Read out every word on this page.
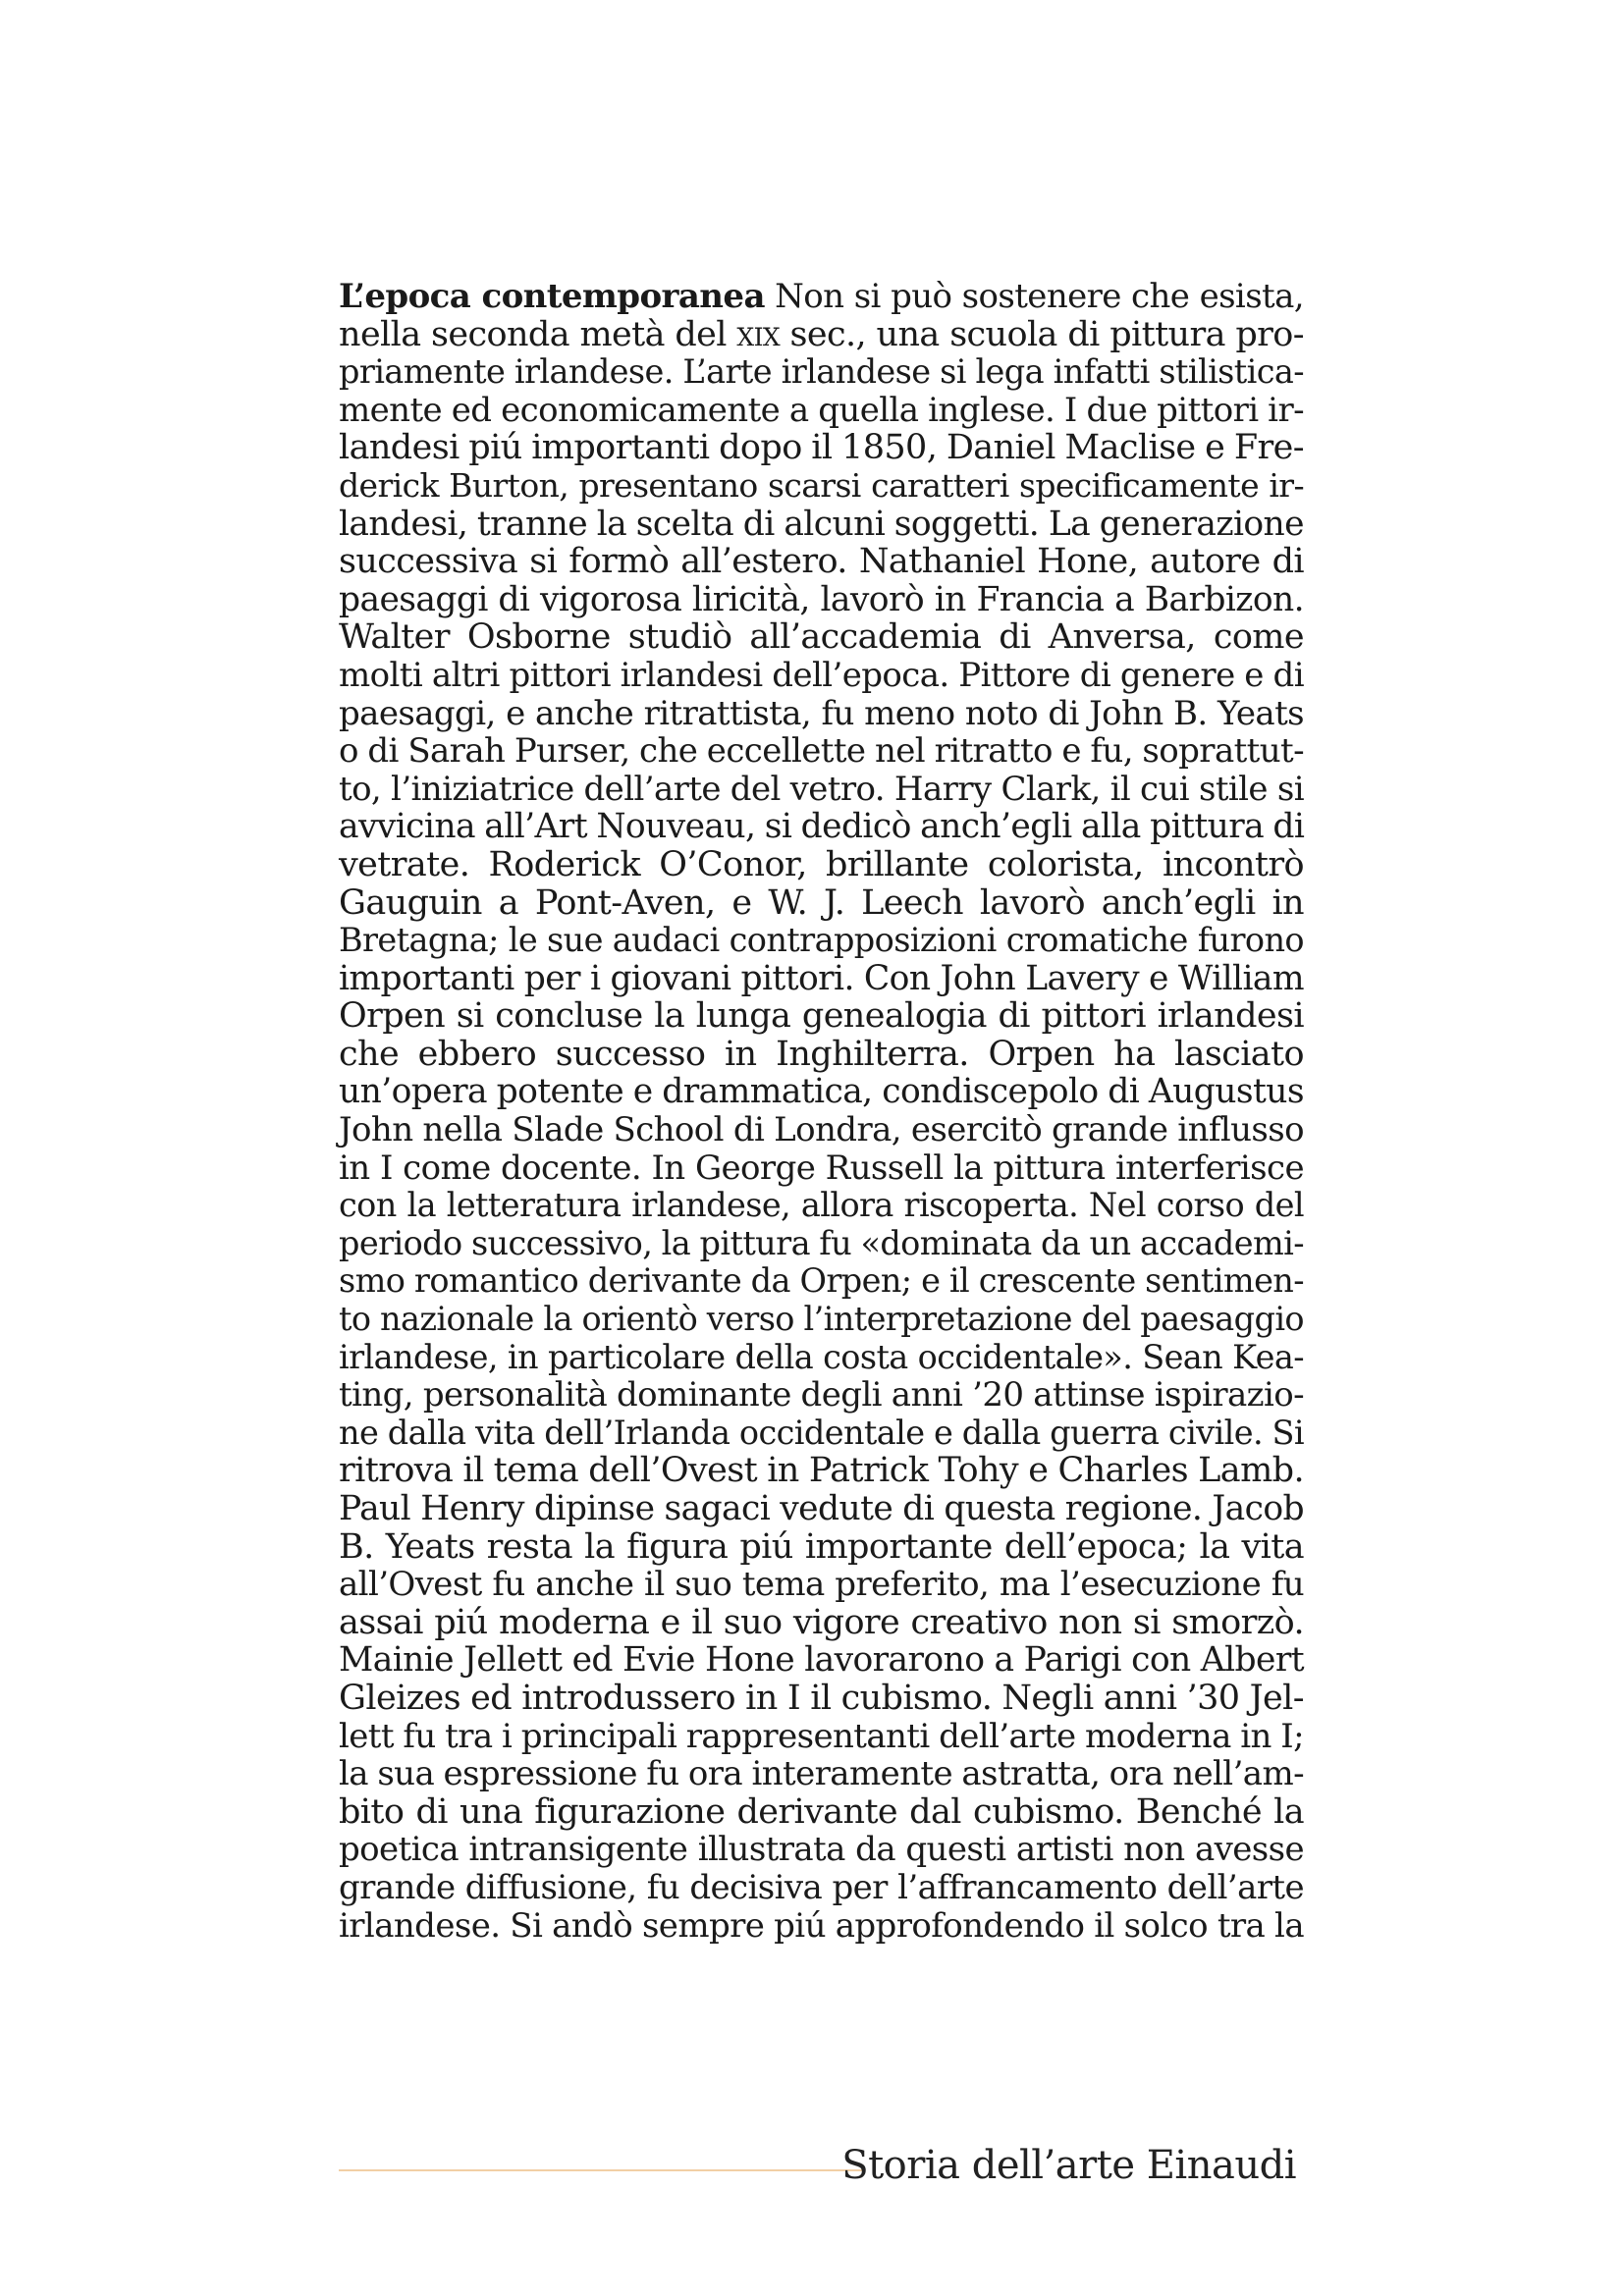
L’epoca contemporanea Non si può sostenere che esista,
nella seconda metà del xix sec., una scuola di pittura pro-
priamente irlandese. L’arte irlandese si lega infatti stilistica-
mente ed economicamente a quella inglese. I due pittori ir-
landesi piú importanti dopo il 1850, Daniel Maclise e Fre-
derick Burton, presentano scarsi caratteri specificamente ir-
landesi, tranne la scelta di alcuni soggetti. La generazione
successiva si formò all’estero. Nathaniel Hone, autore di
paesaggi di vigorosa liricità, lavorò in Francia a Barbizon.
Walter Osborne studiò all’accademia di Anversa, come
molti altri pittori irlandesi dell’epoca. Pittore di genere e di
paesaggi, e anche ritrattista, fu meno noto di John B. Yeats
o di Sarah Purser, che eccellette nel ritratto e fu, soprattut-
to, l’iniziatrice dell’arte del vetro. Harry Clark, il cui stile si
avvicina all’Art Nouveau, si dedicò anch’egli alla pittura di
vetrate. Roderick O’Conor, brillante colorista, incontrò
Gauguin a Pont-Aven, e W. J. Leech lavorò anch’egli in
Bretagna; le sue audaci contrapposizioni cromatiche furono
importanti per i giovani pittori. Con John Lavery e William
Orpen si concluse la lunga genealogia di pittori irlandesi
che ebbero successo in Inghilterra. Orpen ha lasciato
un’opera potente e drammatica, condiscepolo di Augustus
John nella Slade School di Londra, esercitò grande influsso
in I come docente. In George Russell la pittura interferisce
con la letteratura irlandese, allora riscoperta. Nel corso del
periodo successivo, la pittura fu «dominata da un accademi-
smo romantico derivante da Orpen; e il crescente sentimen-
to nazionale la orientò verso l’interpretazione del paesaggio
irlandese, in particolare della costa occidentale». Sean Kea-
ting, personalità dominante degli anni ’20 attinse ispirazio-
ne dalla vita dell’Irlanda occidentale e dalla guerra civile. Si
ritrova il tema dell’Ovest in Patrick Tohy e Charles Lamb.
Paul Henry dipinse sagaci vedute di questa regione. Jacob
B. Yeats resta la figura piú importante dell’epoca; la vita
all’Ovest fu anche il suo tema preferito, ma l’esecuzione fu
assai piú moderna e il suo vigore creativo non si smorzò.
Mainie Jellett ed Evie Hone lavorarono a Parigi con Albert
Gleizes ed introdussero in I il cubismo. Negli anni ’30 Jel-
lett fu tra i principali rappresentanti dell’arte moderna in I;
la sua espressione fu ora interamente astratta, ora nell’am-
bito di una figurazione derivante dal cubismo. Benché la
poetica intransigente illustrata da questi artisti non avesse
grande diffusione, fu decisiva per l’affrancamento dell’arte
irlandese. Si andò sempre piú approfondendo il solco tra la
Storia dell’arte Einaudi
